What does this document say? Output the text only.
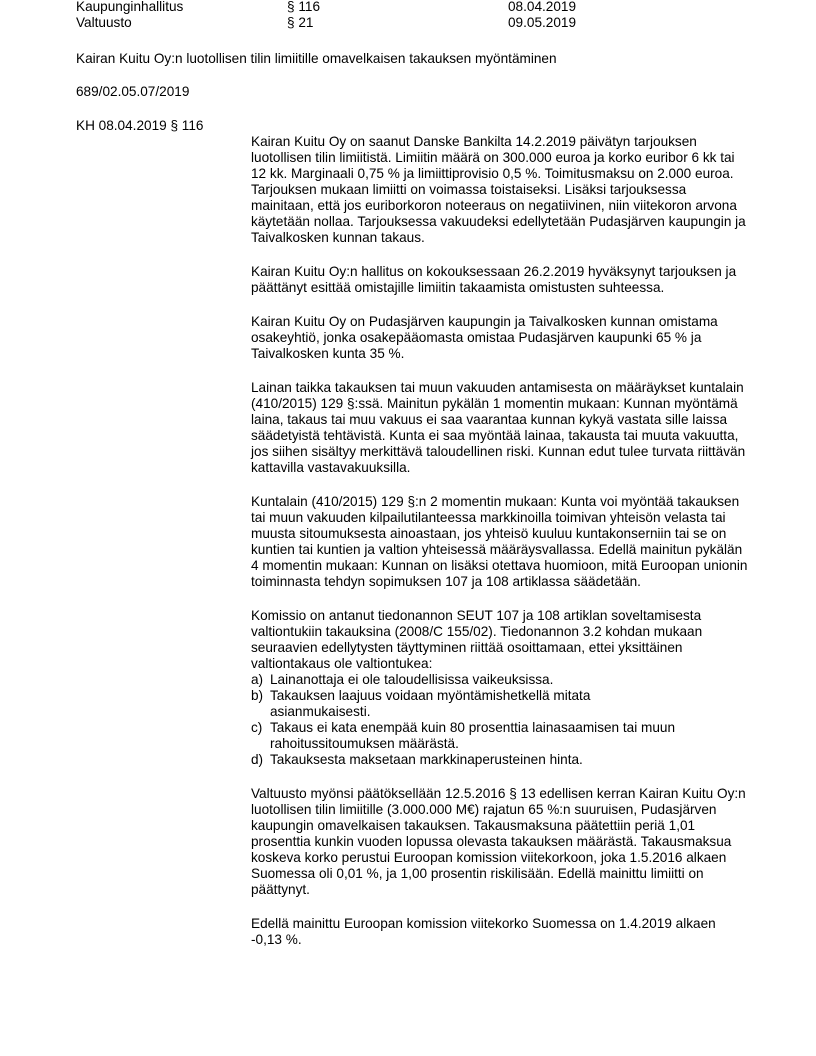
Kaupunginhallitus	§ 116	08.04.2019
Valtuusto	§ 21	09.05.2019
Kairan Kuitu Oy:n luotollisen tilin limiitille omavelkaisen takauksen myöntäminen
689/02.05.07/2019
KH 08.04.2019 § 116

Kairan Kuitu Oy on saanut Danske Bankilta 14.2.2019 päivätyn tarjouksen luotollisen tilin limiitistä. Limiitin määrä on 300.000 euroa ja korko euribor 6 kk tai 12 kk. Marginaali 0,75 % ja limiittiprovisio 0,5 %. Toimitusmaksu on 2.000 euroa. Tarjouksen mukaan limiitti on voimassa toistaiseksi. Lisäksi tarjouksessa mainitaan, että jos euriborkoron noteeraus on negatiivinen, niin viitekoron arvona käytetään nollaa. Tarjouksessa vakuudeksi edellytetään Pudasjärven kaupungin ja Taivalkosken kunnan takaus.

Kairan Kuitu Oy:n hallitus on kokouksessaan 26.2.2019 hyväksynyt tarjouksen ja päättänyt esittää omistajille limiitin takaamista omistusten suhteessa.

Kairan Kuitu Oy on Pudasjärven kaupungin ja Taivalkosken kunnan omistama osakeyhtiö, jonka osakepääomasta omistaa Pudasjärven kaupunki 65 % ja Taivalkosken kunta 35 %.

Lainan taikka takauksen tai muun vakuuden antamisesta on määräykset kuntalain (410/2015) 129 §:ssä. Mainitun pykälän 1 momentin mukaan: Kunnan myöntämä laina, takaus tai muu vakuus ei saa vaarantaa kunnan kykyä vastata sille laissa säädetyistä tehtävistä. Kunta ei saa myöntää lainaa, takausta tai muuta vakuutta, jos siihen sisältyy merkittävä taloudellinen riski. Kunnan edut tulee turvata riittävän kattavilla vastavakuuksilla.

Kuntalain (410/2015) 129 §:n 2 momentin mukaan: Kunta voi myöntää takauksen tai muun vakuuden kilpailutilanteessa markkinoilla toimivan yhteisön velasta tai muusta sitoumuksesta ainoastaan, jos yhteisö kuuluu kuntakonserniin tai se on kuntien tai kuntien ja valtion yhteisessä määräysvallassa. Edellä mainitun pykälän 4 momentin mukaan: Kunnan on lisäksi otettava huomioon, mitä Euroopan unionin toiminnasta tehdyn sopimuksen 107 ja 108 artiklassa säädetään.

Komissio on antanut tiedonannon SEUT 107 ja 108 artiklan soveltamisesta valtiontukiin takauksina (2008/C 155/02). Tiedonannon 3.2 kohdan mukaan seuraavien edellytysten täyttyminen riittää osoittamaan, ettei yksittäinen valtiontakaus ole valtiontukea:
a) Lainanottaja ei ole taloudellisissa vaikeuksissa.
b) Takauksen laajuus voidaan myöntämishetkellä mitata asianmukaisesti.
c) Takaus ei kata enempää kuin 80 prosenttia lainasaamisen tai muun rahoitussitoumuksen määrästä.
d) Takauksesta maksetaan markkinaperusteinen hinta.

Valtuusto myönsi päätöksellään 12.5.2016 § 13 edellisen kerran Kairan Kuitu Oy:n luotollisen tilin limiitille (3.000.000 M€) rajatun 65 %:n suuruisen, Pudasjärven kaupungin omavelkaisen takauksen. Takausmaksuna päätettiin periä 1,01 prosenttia kunkin vuoden lopussa olevasta takauksen määrästä. Takausmaksua koskeva korko perustui Euroopan komission viitekorkoon, joka 1.5.2016 alkaen Suomessa oli 0,01 %, ja 1,00 prosentin riskilisään. Edellä mainittu limiitti on päättynyt.

Edellä mainittu Euroopan komission viitekorko Suomessa on 1.4.2019 alkaen -0,13 %.
